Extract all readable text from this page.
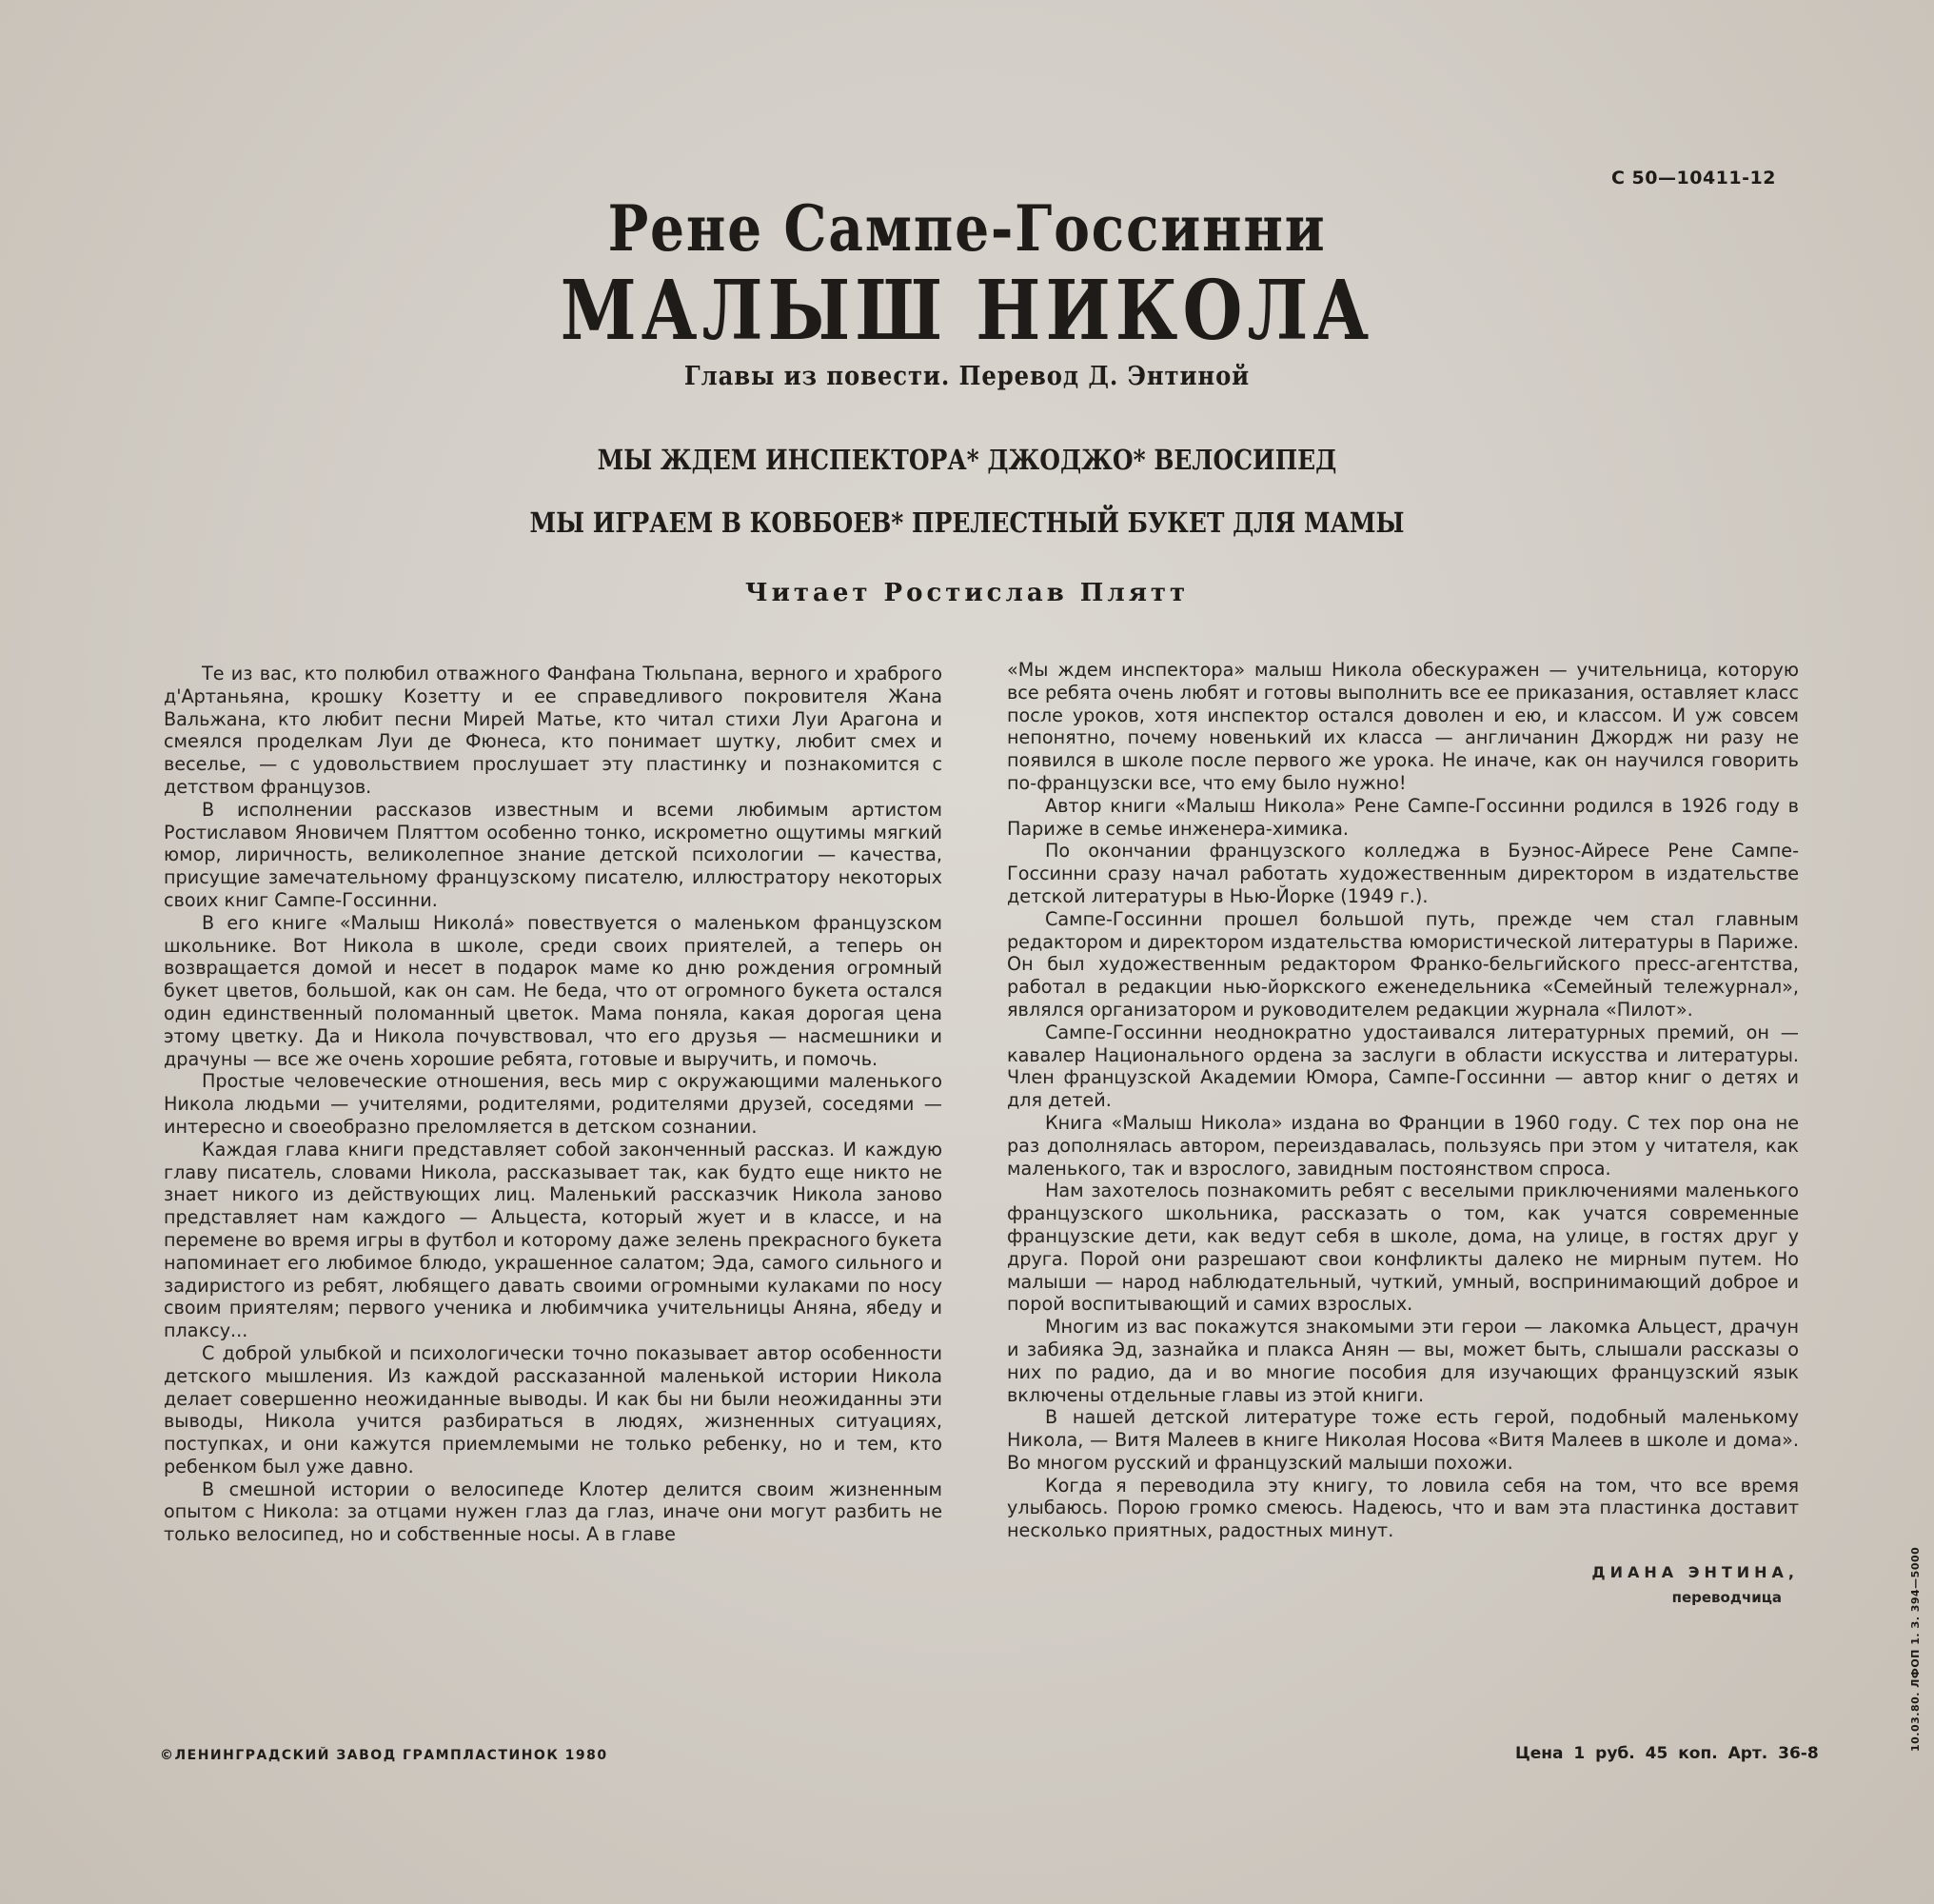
С 50—10411-12
Рене Сампе-Госсинни
МАЛЫШ НИКОЛА
Главы из повести. Перевод Д. Энтиной
МЫ ЖДЕМ ИНСПЕКТОРА* ДЖОДЖО* ВЕЛОСИПЕД
МЫ ИГРАЕМ В КОВБОЕВ* ПРЕЛЕСТНЫЙ БУКЕТ ДЛЯ МАМЫ
Читает Ростислав Плятт

Те из вас, кто полюбил отважного Фанфана Тюльпана, верного и храброго д'Артаньяна, крошку Козетту и ее справедливого покровителя Жана Вальжана, кто любит песни Мирей Матье, кто читал стихи Луи Арагона и смеялся проделкам Луи де Фюнеса, кто понимает шутку, любит смех и веселье, — с удовольствием прослушает эту пластинку и познакомится с детством французов.

В исполнении рассказов известным и всеми любимым артистом Ростиславом Яновичем Пляттом особенно тонко, искрометно ощутимы мягкий юмор, лиричность, великолепное знание детской психологии — качества, присущие замечательному французскому писателю, иллюстратору некоторых своих книг Сампе-Госсинни.

В его книге «Малыш Никола́» повествуется о маленьком французском школьнике. Вот Никола в школе, среди своих приятелей, а теперь он возвращается домой и несет в подарок маме ко дню рождения огромный букет цветов, большой, как он сам. Не беда, что от огромного букета остался один единственный поломанный цветок. Мама поняла, какая дорогая цена этому цветку. Да и Никола почувствовал, что его друзья — насмешники и драчуны — все же очень хорошие ребята, готовые и выручить, и помочь.

Простые человеческие отношения, весь мир с окружающими маленького Никола людьми — учителями, родителями, родителями друзей, соседями — интересно и своеобразно преломляется в детском сознании.

Каждая глава книги представляет собой законченный рассказ. И каждую главу писатель, словами Никола, рассказывает так, как будто еще никто не знает никого из действующих лиц. Маленький рассказчик Никола заново представляет нам каждого — Альцеста, который жует и в классе, и на перемене во время игры в футбол и которому даже зелень прекрасного букета напоминает его любимое блюдо, украшенное салатом; Эда, самого сильного и задиристого из ребят, любящего давать своими огромными кулаками по носу своим приятелям; первого ученика и любимчика учительницы Аняна, ябеду и плаксу...

С доброй улыбкой и психологически точно показывает автор особенности детского мышления. Из каждой рассказанной маленькой истории Никола делает совершенно неожиданные выводы. И как бы ни были неожиданны эти выводы, Никола учится разбираться в людях, жизненных ситуациях, поступках, и они кажутся приемлемыми не только ребенку, но и тем, кто ребенком был уже давно.

В смешной истории о велосипеде Клотер делится своим жизненным опытом с Никола: за отцами нужен глаз да глаз, иначе они могут разбить не только велосипед, но и собственные носы. А в главе

«Мы ждем инспектора» малыш Никола обескуражен — учительница, которую все ребята очень любят и готовы выполнить все ее приказания, оставляет класс после уроков, хотя инспектор остался доволен и ею, и классом. И уж совсем непонятно, почему новенький их класса — англичанин Джордж ни разу не появился в школе после первого же урока. Не иначе, как он научился говорить по-французски все, что ему было нужно!

Автор книги «Малыш Никола» Рене Сампе-Госсинни родился в 1926 году в Париже в семье инженера-химика.

По окончании французского колледжа в Буэнос-Айресе Рене Сампе-Госсинни сразу начал работать художественным директором в издательстве детской литературы в Нью-Йорке (1949 г.).

Сампе-Госсинни прошел большой путь, прежде чем стал главным редактором и директором издательства юмористической литературы в Париже. Он был художественным редактором Франко-бельгийского пресс-агентства, работал в редакции нью-йоркского еженедельника «Семейный тележурнал», являлся организатором и руководителем редакции журнала «Пилот».

Сампе-Госсинни неоднократно удостаивался литературных премий, он — кавалер Национального ордена за заслуги в области искусства и литературы. Член французской Академии Юмора, Сампе-Госсинни — автор книг о детях и для детей.

Книга «Малыш Никола» издана во Франции в 1960 году. С тех пор она не раз дополнялась автором, переиздавалась, пользуясь при этом у читателя, как маленького, так и взрослого, завидным постоянством спроса.

Нам захотелось познакомить ребят с веселыми приключениями маленького французского школьника, рассказать о том, как учатся современные французские дети, как ведут себя в школе, дома, на улице, в гостях друг у друга. Порой они разрешают свои конфликты далеко не мирным путем. Но малыши — народ наблюдательный, чуткий, умный, воспринимающий доброе и порой воспитывающий и самих взрослых.

Многим из вас покажутся знакомыми эти герои — лакомка Альцест, драчун и забияка Эд, зазнайка и плакса Анян — вы, может быть, слышали рассказы о них по радио, да и во многие пособия для изучающих французский язык включены отдельные главы из этой книги.

В нашей детской литературе тоже есть герой, подобный маленькому Никола, — Витя Малеев в книге Николая Носова «Витя Малеев в школе и дома». Во многом русский и французский малыши похожи.

Когда я переводила эту книгу, то ловила себя на том, что все время улыбаюсь. Порою громко смеюсь. Надеюсь, что и вам эта пластинка доставит несколько приятных, радостных минут.

ДИАНА ЭНТИНА,
переводчица
©ЛЕНИНГРАДСКИЙ ЗАВОД ГРАМПЛАСТИНОК 1980	Цена 1 руб. 45 коп. Арт. 36-8
10.03.80. ЛФОП 1. З. 394—5000
